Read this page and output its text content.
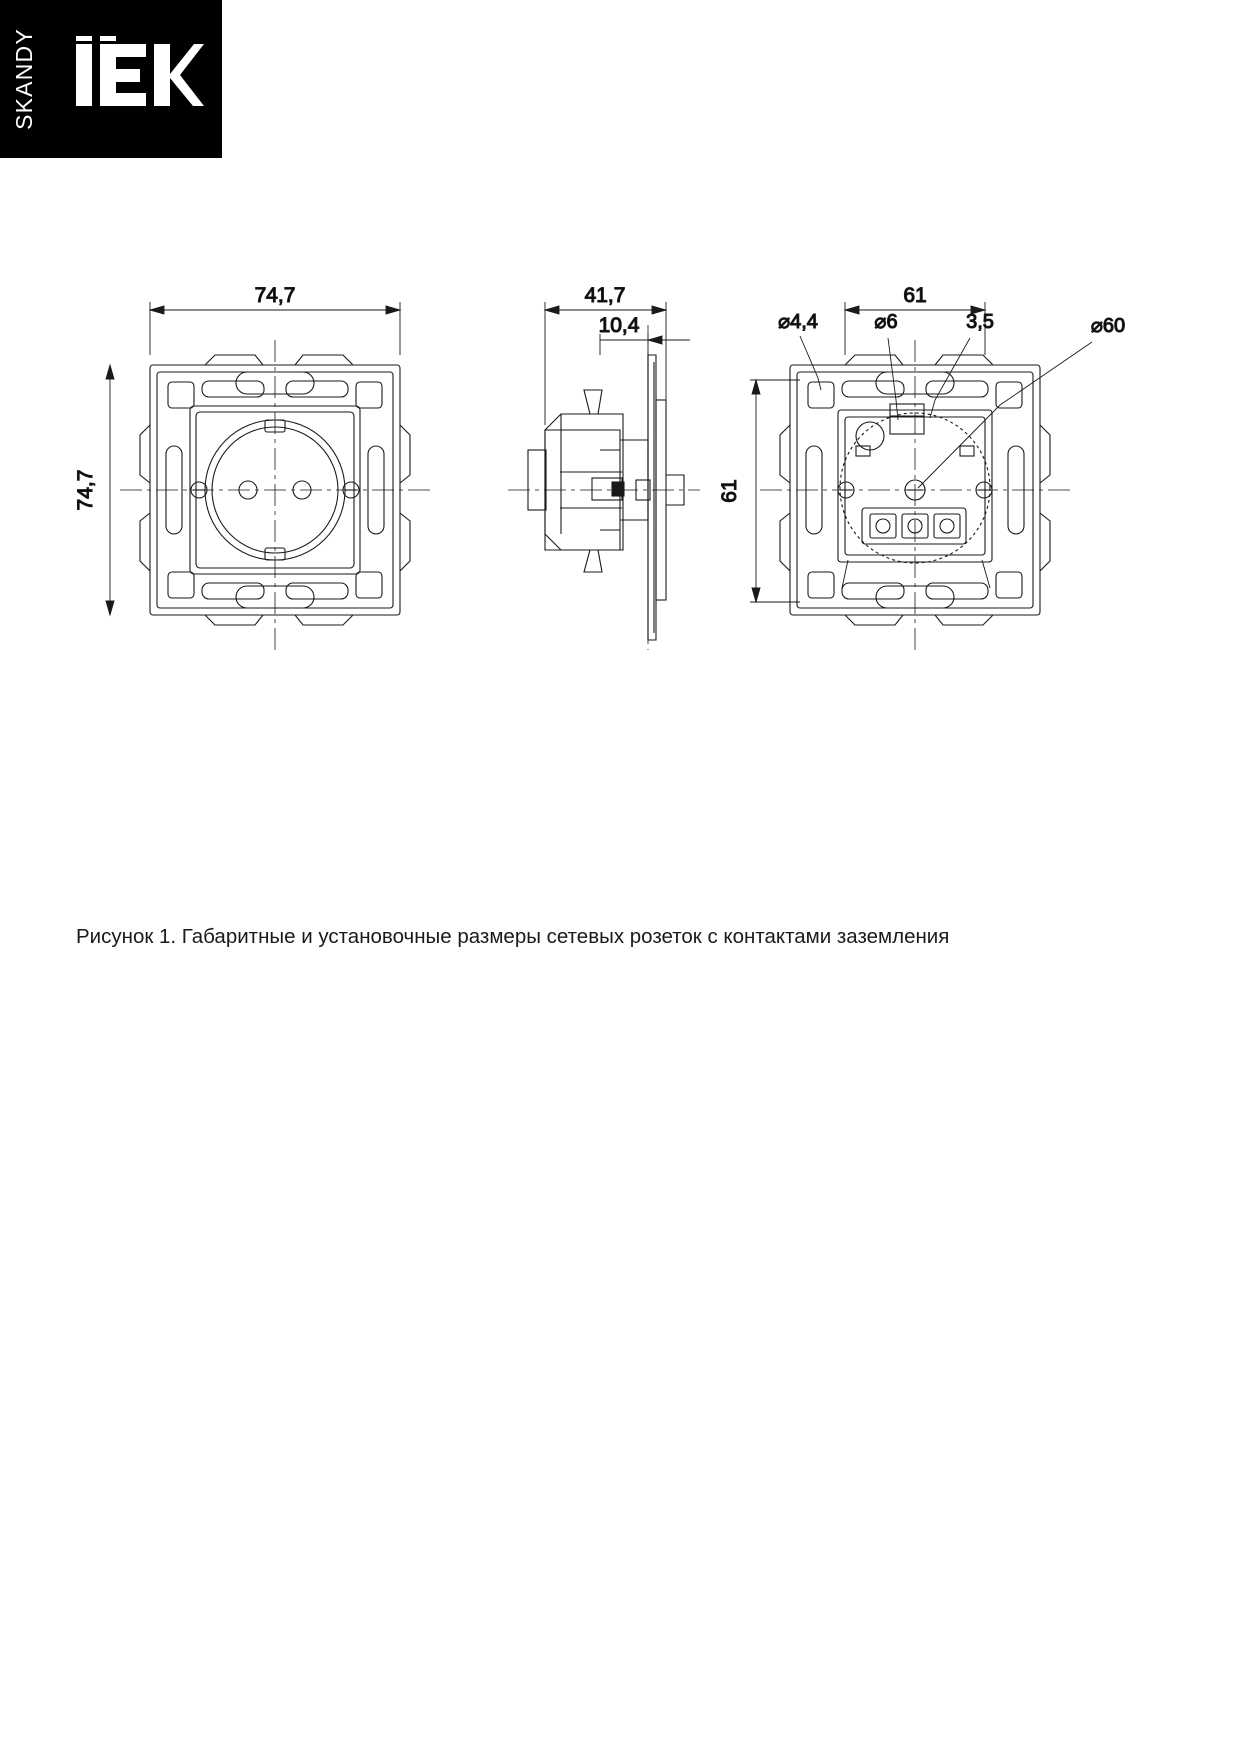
SKANDY
74,7
74,7
41,7
10,4
61
61
⌀4,4	⌀6	3,5	⌀60
Рисунок 1. Габаритные и установочные размеры сетевых розеток с контактами заземления
